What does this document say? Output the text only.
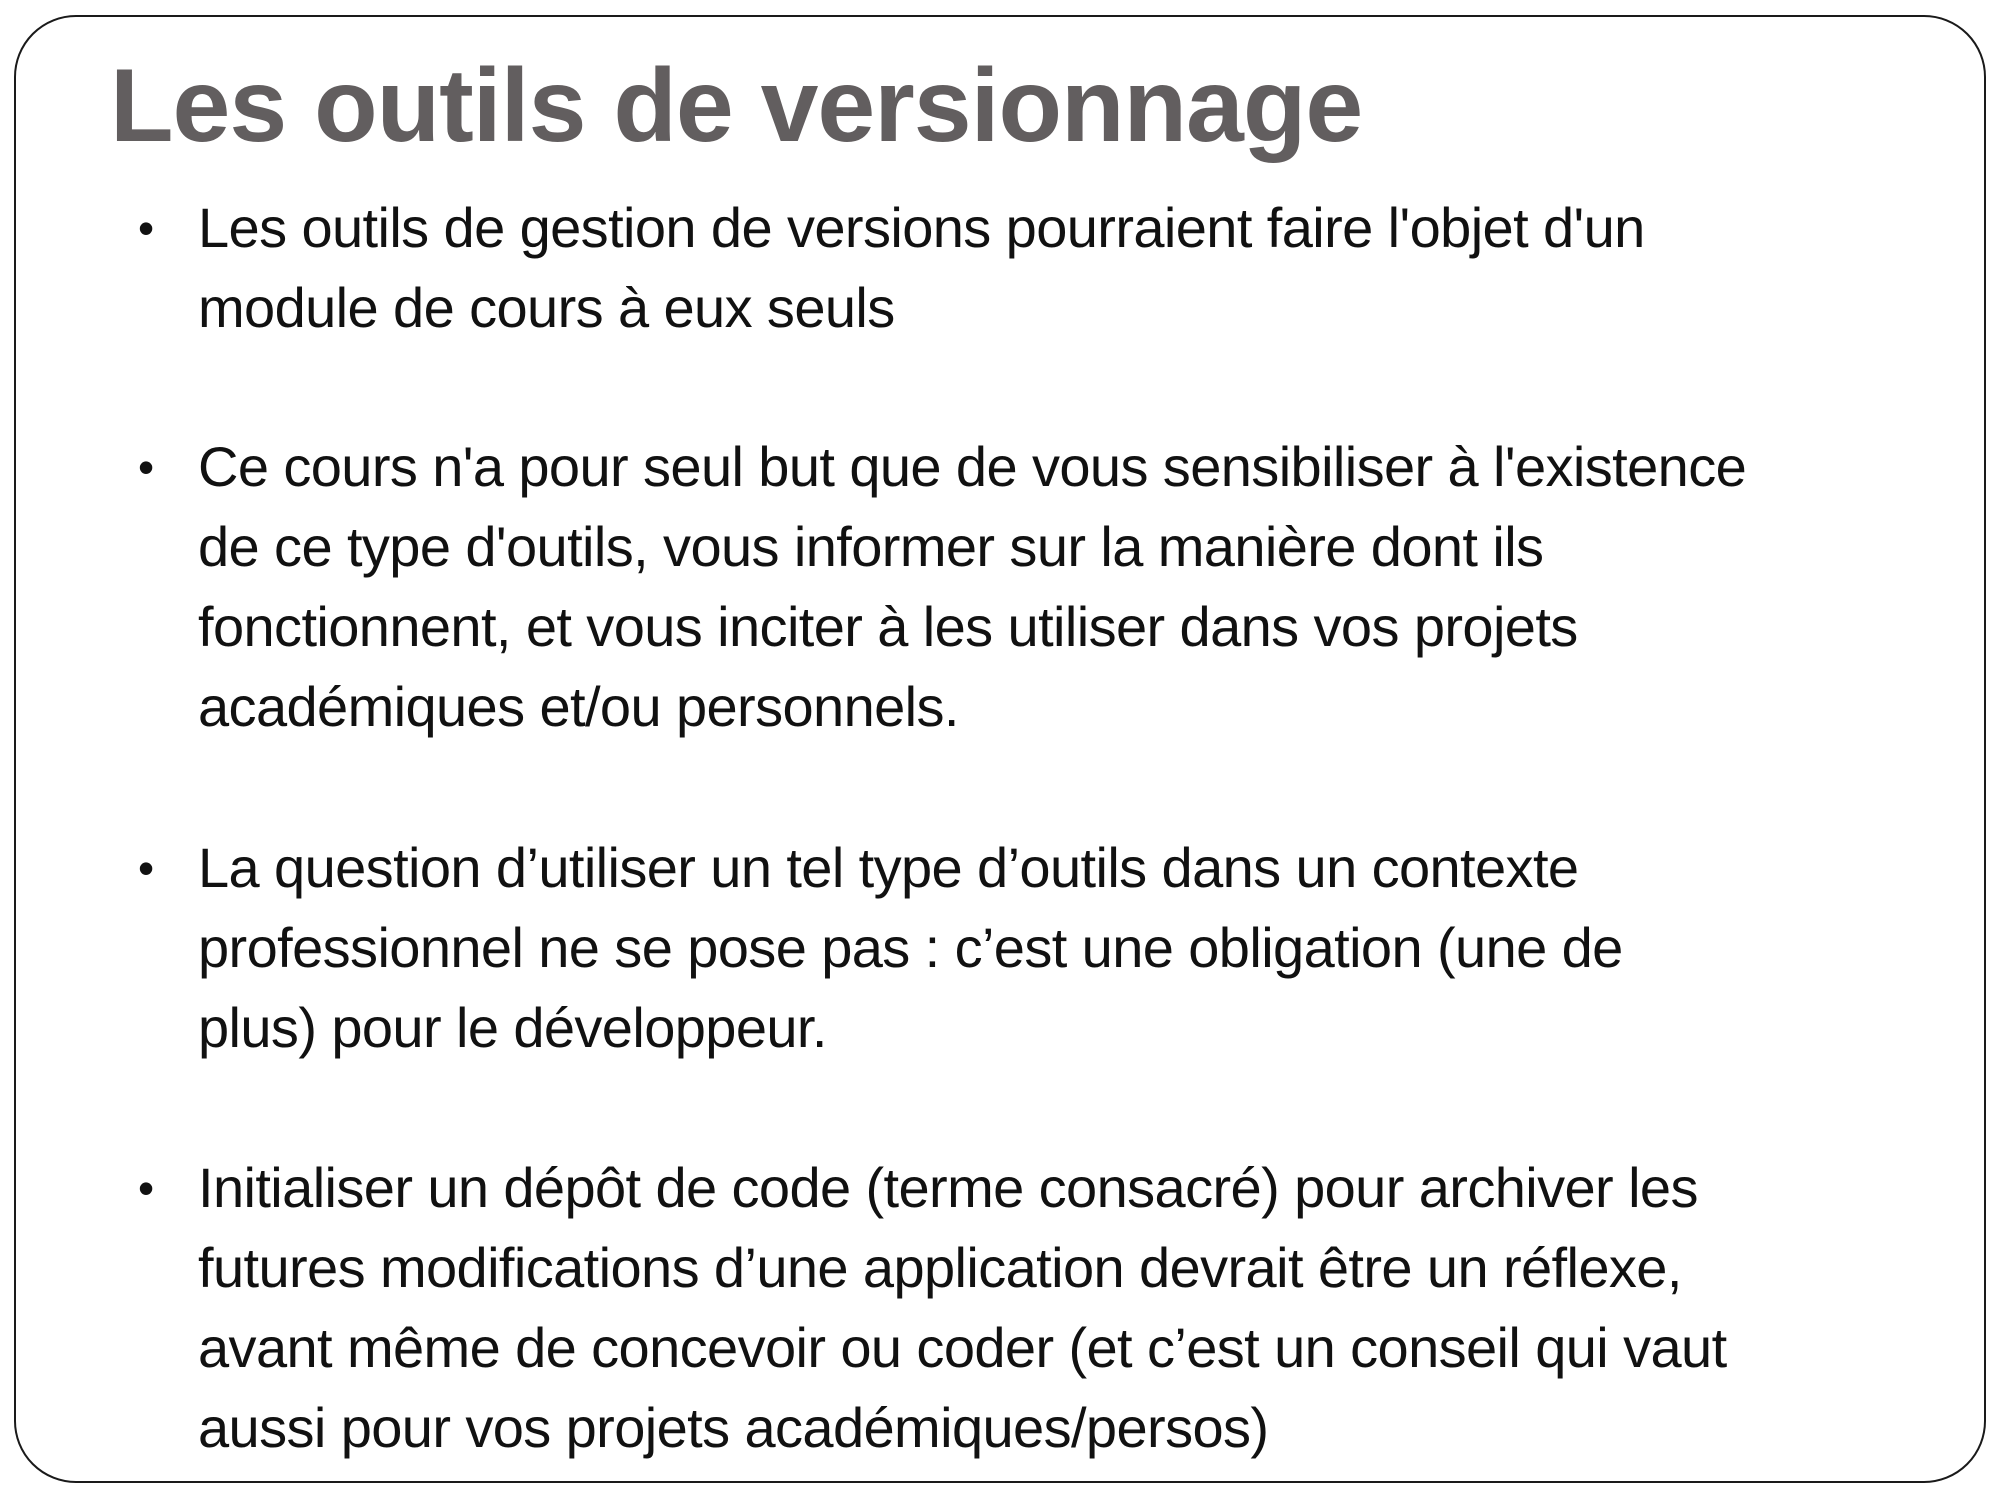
Les outils de versionnage
• Les outils de gestion de versions pourraient faire l'objet d'un
module de cours à eux seuls
• Ce cours n'a pour seul but que de vous sensibiliser à l'existence
de ce type d'outils, vous informer sur la manière dont ils
fonctionnent, et vous inciter à les utiliser dans vos projets
académiques et/ou personnels.
• La question d’utiliser un tel type d’outils dans un contexte
professionnel ne se pose pas : c’est une obligation (une de
plus) pour le développeur.
• Initialiser un dépôt de code (terme consacré) pour archiver les
futures modifications d’une application devrait être un réflexe,
avant même de concevoir ou coder (et c’est un conseil qui vaut
aussi pour vos projets académiques/persos)
